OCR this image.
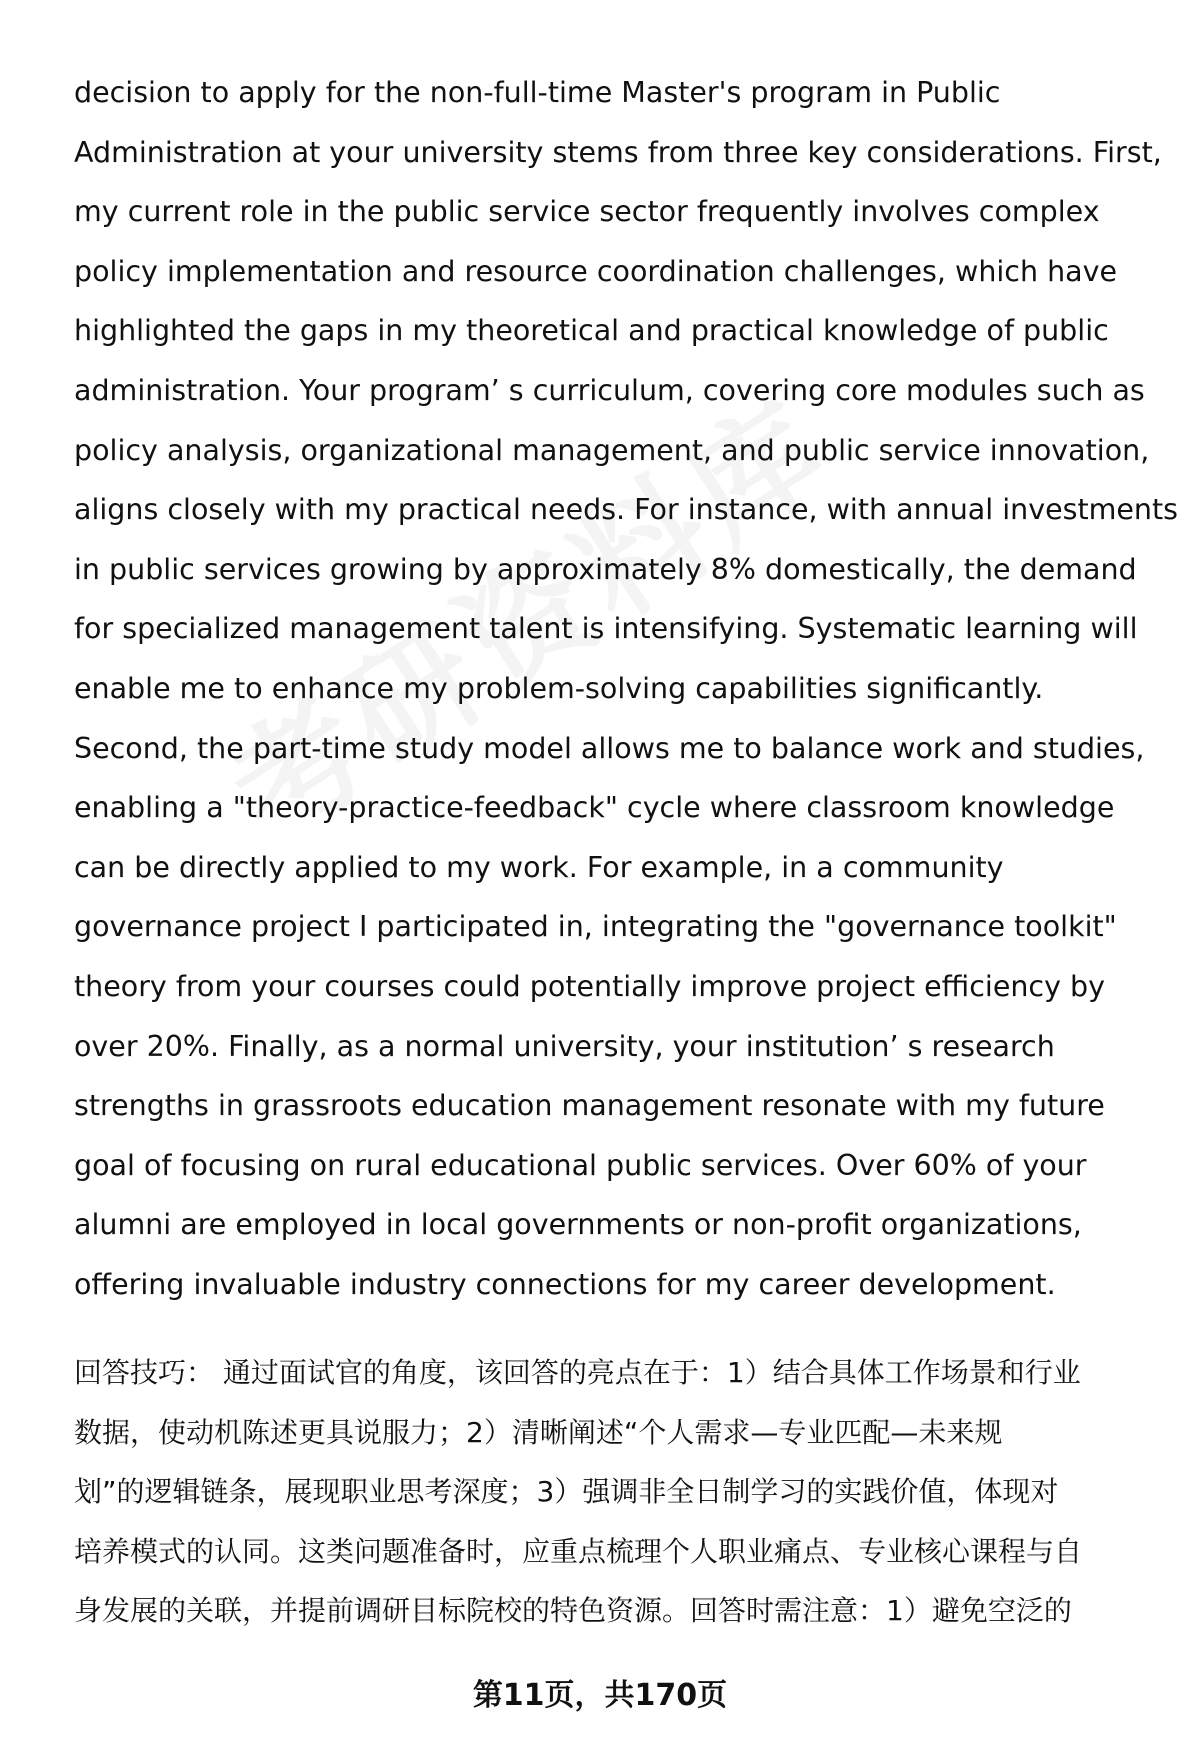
decision to apply for the non-full-time Master's program in Public
Administration at your university stems from three key considerations. First,
my current role in the public service sector frequently involves complex
policy implementation and resource coordination challenges, which have
highlighted the gaps in my theoretical and practical knowledge of public
administration. Your program’ s curriculum, covering core modules such as
policy analysis, organizational management, and public service innovation,
aligns closely with my practical needs. For instance, with annual investments
in public services growing by approximately 8% domestically, the demand
for specialized management talent is intensifying. Systematic learning will
enable me to enhance my problem-solving capabilities significantly.
Second, the part-time study model allows me to balance work and studies,
enabling a "theory-practice-feedback" cycle where classroom knowledge
can be directly applied to my work. For example, in a community
governance project I participated in, integrating the "governance toolkit"
theory from your courses could potentially improve project efficiency by
over 20%. Finally, as a normal university, your institution’ s research
strengths in grassroots education management resonate with my future
goal of focusing on rural educational public services. Over 60% of your
alumni are employed in local governments or non-profit organizations,
offering invaluable industry connections for my career development.
回答技巧： 通过面试官的角度，该回答的亮点在于：1）结合具体工作场景和行业
数据，使动机陈述更具说服力；2）清晰阐述“个人需求—专业匹配—未来规
划”的逻辑链条，展现职业思考深度；3）强调非全日制学习的实践价值，体现对
培养模式的认同。这类问题准备时，应重点梳理个人职业痛点、专业核心课程与自
身发展的关联，并提前调研目标院校的特色资源。回答时需注意：1）避免空泛的
第11页，共170页
